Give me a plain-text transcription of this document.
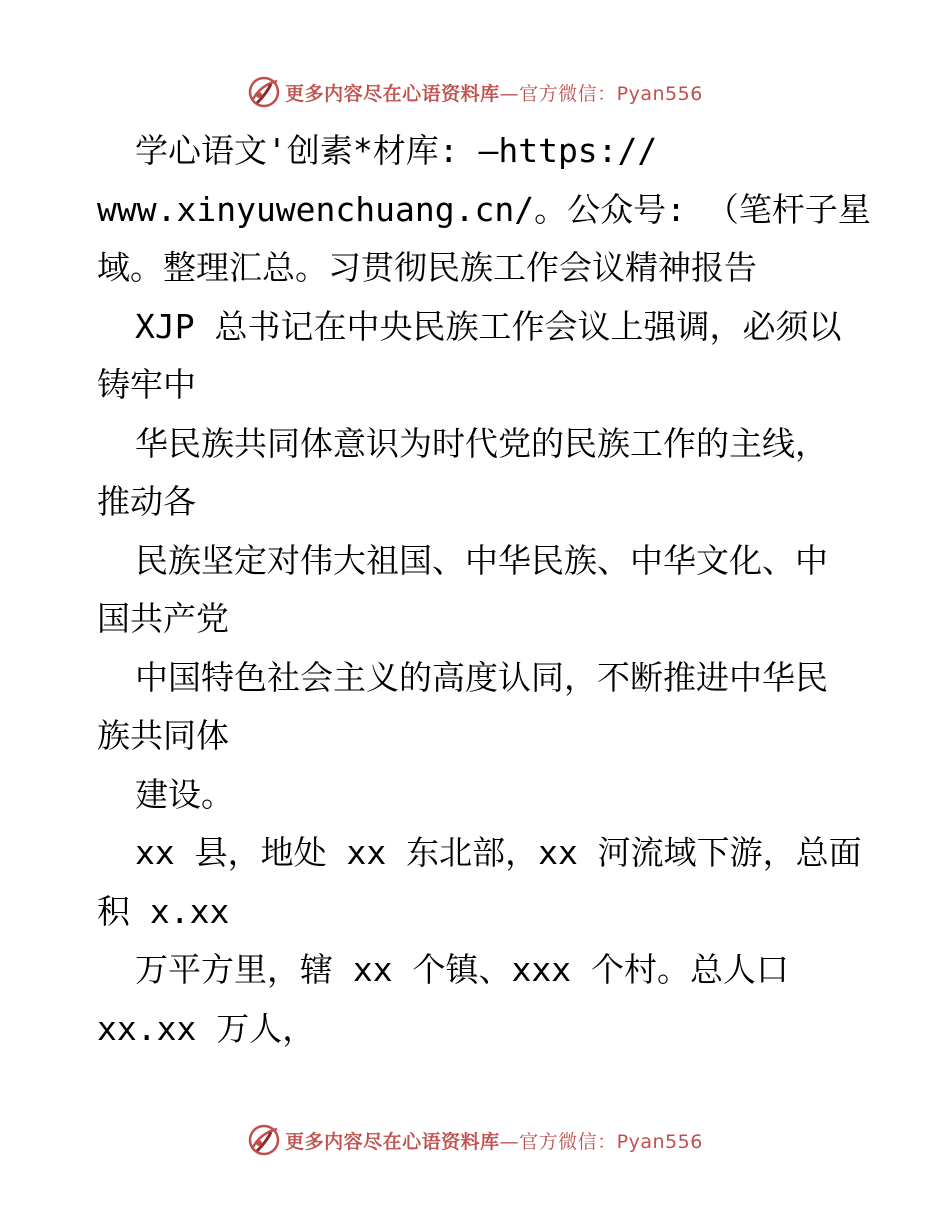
更多内容尽在心语资料库—官方微信：Pyan556
学心语文'创素*材库: —https://
www.xinyuwenchuang.cn/。公众号: （笔杆子星
域。整理汇总。习贯彻民族工作会议精神报告
XJP 总书记在中央民族工作会议上强调，必须以
铸牢中
华民族共同体意识为时代党的民族工作的主线，
推动各
民族坚定对伟大祖国、中华民族、中华文化、中
国共产党
中国特色社会主义的高度认同，不断推进中华民
族共同体
建设。
xx 县，地处 xx 东北部，xx 河流域下游，总面
积 x.xx
万平方里，辖 xx 个镇、xxx 个村。总人口
xx.xx 万人，
更多内容尽在心语资料库—官方微信：Pyan556
